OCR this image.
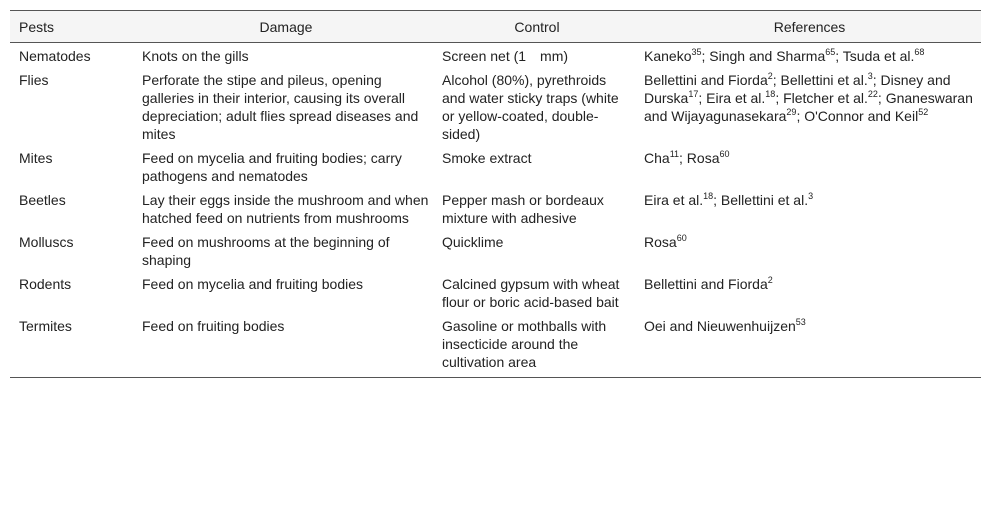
Pests	Damage	Control	References
Nematodes	Knots on the gills	Screen net (1     mm)	Kaneko$^{35}$; Singh and Sharma$^{65}$; Tsuda et al.$^{68}$
Flies	Perforate the stipe and pileus, opening galleries in their interior, causing its overall depreciation; adult flies spread diseases and mites	Alcohol (80%), pyrethroids and water sticky traps (white or yellow-coated, double-sided)	Bellettini and Fiorda$^2$; Bellettini et al.$^3$; Disney and Durska$^{17}$; Eira et al.$^{18}$; Fletcher et al.$^{22}$; Gnaneswaran and Wijayagunasekara$^{29}$; O'Connor and Keil$^{52}$
Mites	Feed on mycelia and fruiting bodies; carry pathogens and nematodes	Smoke extract	Cha$^{11}$; Rosa$^{60}$
Beetles	Lay their eggs inside the mushroom and when hatched feed on nutrients from mushrooms	Pepper mash or bordeaux mixture with adhesive	Eira et al.$^{18}$; Bellettini et al.$^3$
Molluscs	Feed on mushrooms at the beginning of shaping	Quicklime	Rosa$^{60}$
Rodents	Feed on mycelia and fruiting bodies	Calcined gypsum with wheat flour or boric acid-based bait	Bellettini and Fiorda$^2$
Termites	Feed on fruiting bodies	Gasoline or mothballs with insecticide around the cultivation area	Oei and Nieuwenhuijzen$^{53}$
